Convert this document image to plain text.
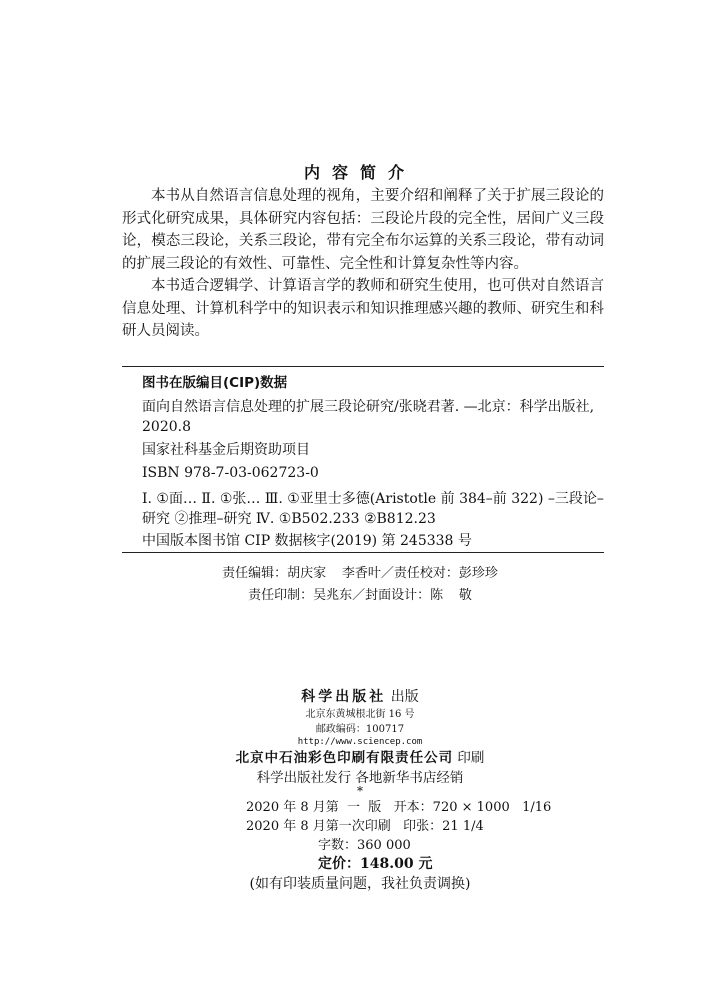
内容简介

本书从自然语言信息处理的视角，主要介绍和阐释了关于扩展三段论的形式化研究成果，具体研究内容包括：三段论片段的完全性，居间广义三段论，模态三段论，关系三段论，带有完全布尔运算的关系三段论，带有动词的扩展三段论的有效性、可靠性、完全性和计算复杂性等内容。

本书适合逻辑学、计算语言学的教师和研究生使用，也可供对自然语言信息处理、计算机科学中的知识表示和知识推理感兴趣的教师、研究生和科研人员阅读。

图书在版编目(CIP)数据
面向自然语言信息处理的扩展三段论研究/张晓君著. —北京：科学出版社,
2020.8
国家社科基金后期资助项目
ISBN 978-7-03-062723-0
Ⅰ. ①面… Ⅱ. ①张… Ⅲ. ①亚里士多德(Aristotle 前 384–前 322) –三段论–
研究 ②推理–研究 Ⅳ. ①B502.233 ②B812.23
中国版本图书馆 CIP 数据核字(2019) 第 245338 号
责任编辑：胡庆家  李香叶／责任校对：彭珍珍
责任印制：吴兆东／封面设计：陈  敬
科学出版社 出版
北京东黄城根北街 16 号
邮政编码：100717
http://www.sciencep.com
北京中石油彩色印刷有限责任公司 印刷
科学出版社发行 各地新华书店经销
*
2020 年 8 月第  一  版   开本：720 × 1000   1/16
2020 年 8 月第一次印刷   印张：21 1/4
字数：360 000
定价：148.00 元
(如有印装质量问题，我社负责调换)
